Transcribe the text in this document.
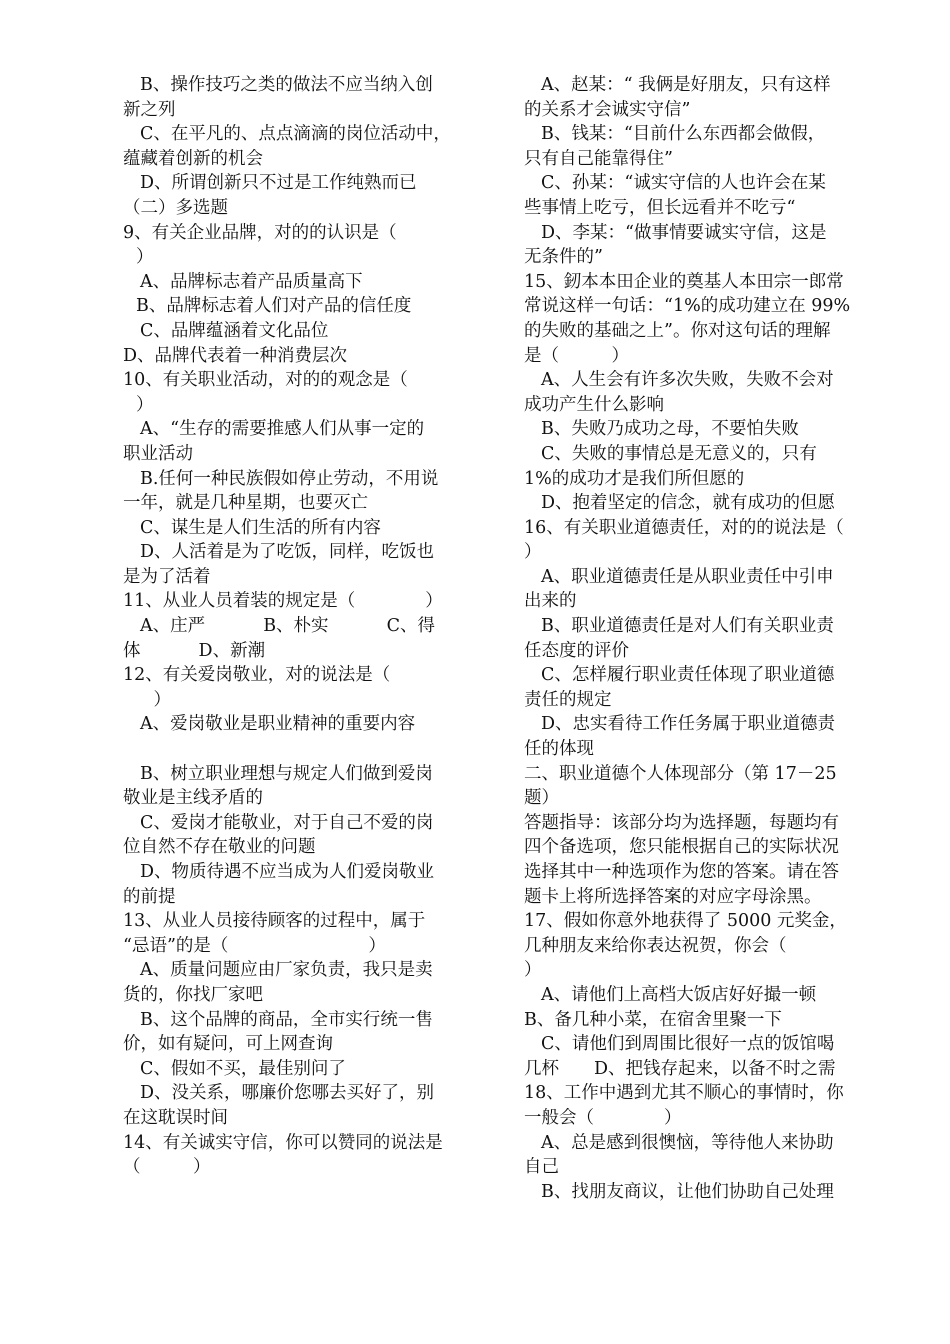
B、操作技巧之类的做法不应当纳入创
新之列
C、在平凡的、点点滴滴的岗位活动中，
蕴藏着创新的机会
D、所谓创新只不过是工作纯熟而已
（二）多选题
9、有关企业品牌，对的的认识是（
）
A、品牌标志着产品质量高下
B、品牌标志着人们对产品的信任度
C、品牌蕴涵着文化品位
D、品牌代表着一种消费层次
10、有关职业活动，对的的观念是（
）
A、“生存的需要推感人们从事一定的
职业活动
B.任何一种民族假如停止劳动，不用说
一年，就是几种星期，也要灭亡
C、谋生是人们生活的所有内容
D、人活着是为了吃饭，同样，吃饭也
是为了活着
11、从业人员着装的规定是（　　　　）
A、庄严　　　 B、朴实　　　 C、得
体　　　 D、新潮
12、有关爱岗敬业，对的说法是（
　）
A、爱岗敬业是职业精神的重要内容
B、树立职业理想与规定人们做到爱岗
敬业是主线矛盾的
C、爱岗才能敬业，对于自己不爱的岗
位自然不存在敬业的问题
D、物质待遇不应当成为人们爱岗敬业
的前提
13、从业人员接待顾客的过程中，属于
“忌语”的是（　　　　　　　　）
A、质量问题应由厂家负责，我只是卖
货的，你找厂家吧
B、这个品牌的商品，全市实行统一售
价，如有疑问，可上网查询
C、假如不买，最佳别问了
D、没关系，哪廉价您哪去买好了，别
在这耽误时间
14、有关诚实守信，你可以赞同的说法是
（　　　）
A、赵某：“ 我俩是好朋友，只有这样
的关系才会诚实守信”
B、钱某：“目前什么东西都会做假，
只有自己能靠得住”
C、孙某：“诚实守信的人也许会在某
些事情上吃亏，但长远看并不吃亏“
D、李某：“做事情要诚实守信，这是
无条件的”
15、釰本本田企业的奠基人本田宗一郎常
常说这样一句话：“1%的成功建立在 99%
的失败的基础之上”。你对这句话的理解
是（　　　）
A、人生会有许多次失败，失败不会对
成功产生什么影响
B、失败乃成功之母，不要怕失败
C、失败的事情总是无意义的，只有
1%的成功才是我们所但愿的
D、抱着坚定的信念，就有成功的但愿
16、有关职业道德责任，对的的说法是（
）
A、职业道德责任是从职业责任中引申
出来的
B、职业道德责任是对人们有关职业责
任态度的评价
C、怎样履行职业责任体现了职业道德
责任的规定
D、忠实看待工作任务属于职业道德责
任的体现
二、职业道德个人体现部分（第 17－25
题）
答题指导：该部分均为选择题，每题均有
四个备选项，您只能根据自己的实际状况
选择其中一种选项作为您的答案。请在答
题卡上将所选择答案的对应字母涂黑。
17、假如你意外地获得了 5000 元奖金，
几种朋友来给你表达祝贺，你会（
）
A、请他们上高档大饭店好好撮一顿
B、备几种小菜，在宿舍里聚一下
C、请他们到周围比很好一点的饭馆喝
几杯　　D、把钱存起来，以备不时之需
18、工作中遇到尤其不顺心的事情时，你
一般会（　　　　）
A、总是感到很懊恼，等待他人来协助
自己
B、找朋友商议，让他们协助自己处理
